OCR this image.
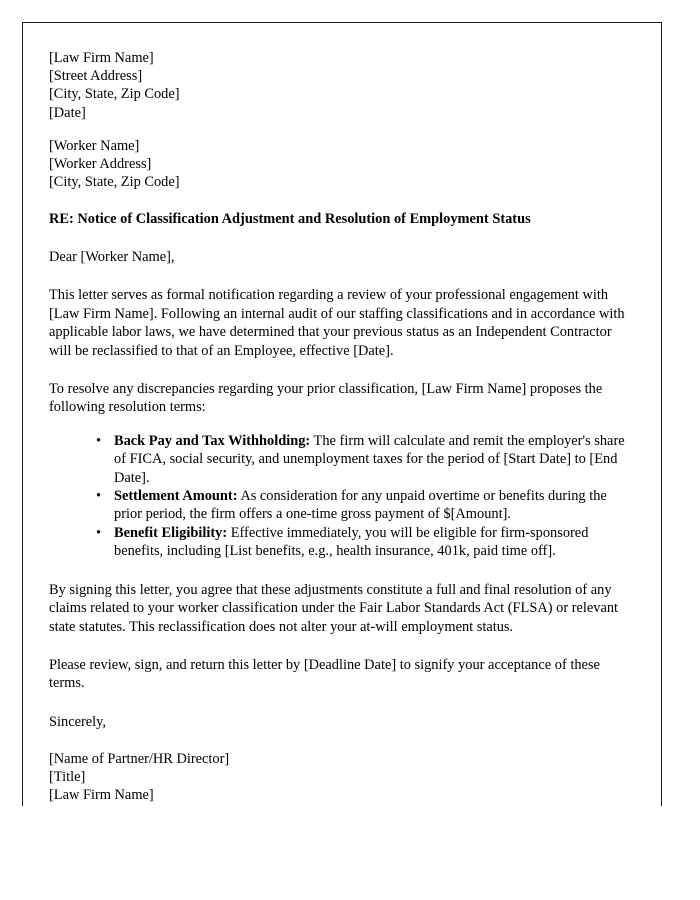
[Law Firm Name]
[Street Address]
[City, State, Zip Code]
[Date]
[Worker Name]
[Worker Address]
[City, State, Zip Code]
RE: Notice of Classification Adjustment and Resolution of Employment Status
Dear [Worker Name],

This letter serves as formal notification regarding a review of your professional engagement with [Law Firm Name]. Following an internal audit of our staffing classifications and in accordance with applicable labor laws, we have determined that your previous status as an Independent Contractor will be reclassified to that of an Employee, effective [Date].

To resolve any discrepancies regarding your prior classification, [Law Firm Name] proposes the following resolution terms:

• Back Pay and Tax Withholding: The firm will calculate and remit the employer's share of FICA, social security, and unemployment taxes for the period of [Start Date] to [End Date].
• Settlement Amount: As consideration for any unpaid overtime or benefits during the prior period, the firm offers a one-time gross payment of $[Amount].
• Benefit Eligibility: Effective immediately, you will be eligible for firm-sponsored benefits, including [List benefits, e.g., health insurance, 401k, paid time off].

By signing this letter, you agree that these adjustments constitute a full and final resolution of any claims related to your worker classification under the Fair Labor Standards Act (FLSA) or relevant state statutes. This reclassification does not alter your at-will employment status.

Please review, sign, and return this letter by [Deadline Date] to signify your acceptance of these terms.

Sincerely,
[Name of Partner/HR Director]
[Title]
[Law Firm Name]
